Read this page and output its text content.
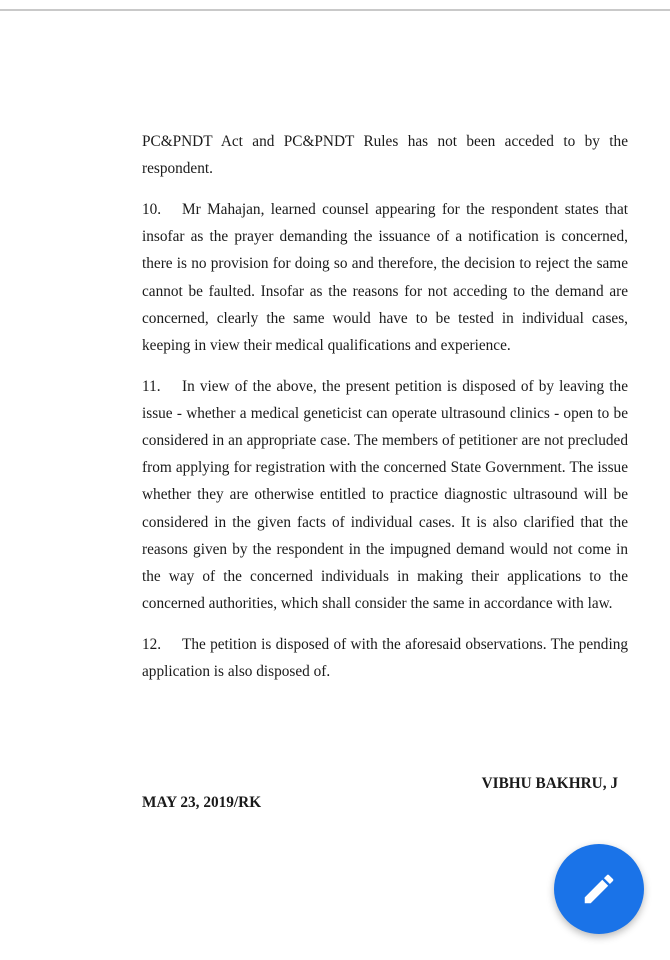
PC&PNDT Act and PC&PNDT Rules has not been acceded to by the respondent.

10. Mr Mahajan, learned counsel appearing for the respondent states that insofar as the prayer demanding the issuance of a notification is concerned, there is no provision for doing so and therefore, the decision to reject the same cannot be faulted. Insofar as the reasons for not acceding to the demand are concerned, clearly the same would have to be tested in individual cases, keeping in view their medical qualifications and experience.

11. In view of the above, the present petition is disposed of by leaving the issue - whether a medical geneticist can operate ultrasound clinics - open to be considered in an appropriate case. The members of petitioner are not precluded from applying for registration with the concerned State Government. The issue whether they are otherwise entitled to practice diagnostic ultrasound will be considered in the given facts of individual cases. It is also clarified that the reasons given by the respondent in the impugned demand would not come in the way of the concerned individuals in making their applications to the concerned authorities, which shall consider the same in accordance with law.

12. The petition is disposed of with the aforesaid observations. The pending application is also disposed of.

VIBHU BAKHRU, J
MAY 23, 2019/RK
